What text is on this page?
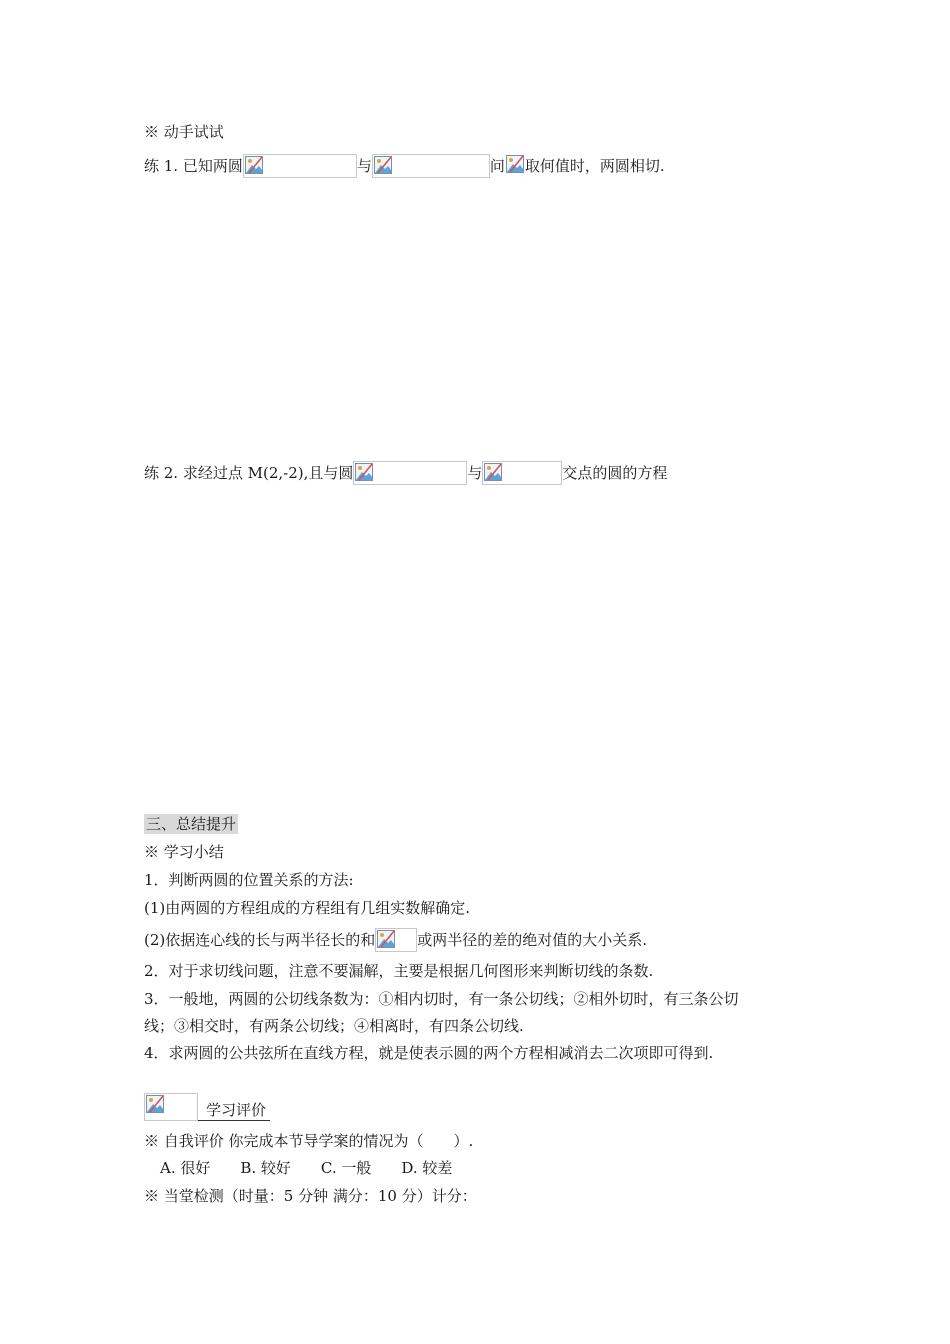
※ 动手试试
练 1. 已知两圆	与	问 取何值时，两圆相切.
练 2. 求经过点 M(2,-2),且与圆	与	交点的圆的方程
三、总结提升
※ 学习小结
1．判断两圆的位置关系的方法:
(1)由两圆的方程组成的方程组有几组实数解确定.
(2)依据连心线的长与两半径长的和	或两半径的差的绝对值的大小关系.
2．对于求切线问题，注意不要漏解，主要是根据几何图形来判断切线的条数.
3．一般地，两圆的公切线条数为：①相内切时，有一条公切线；②相外切时，有三条公切
线；③相交时，有两条公切线；④相离时，有四条公切线.
4．求两圆的公共弦所在直线方程，就是使表示圆的两个方程相减消去二次项即可得到.
学习评价
※ 自我评价 你完成本节导学案的情况为（　　）.
A. 很好　　B. 较好　　C. 一般　　D. 较差
※ 当堂检测（时量：5 分钟 满分：10 分）计分：
